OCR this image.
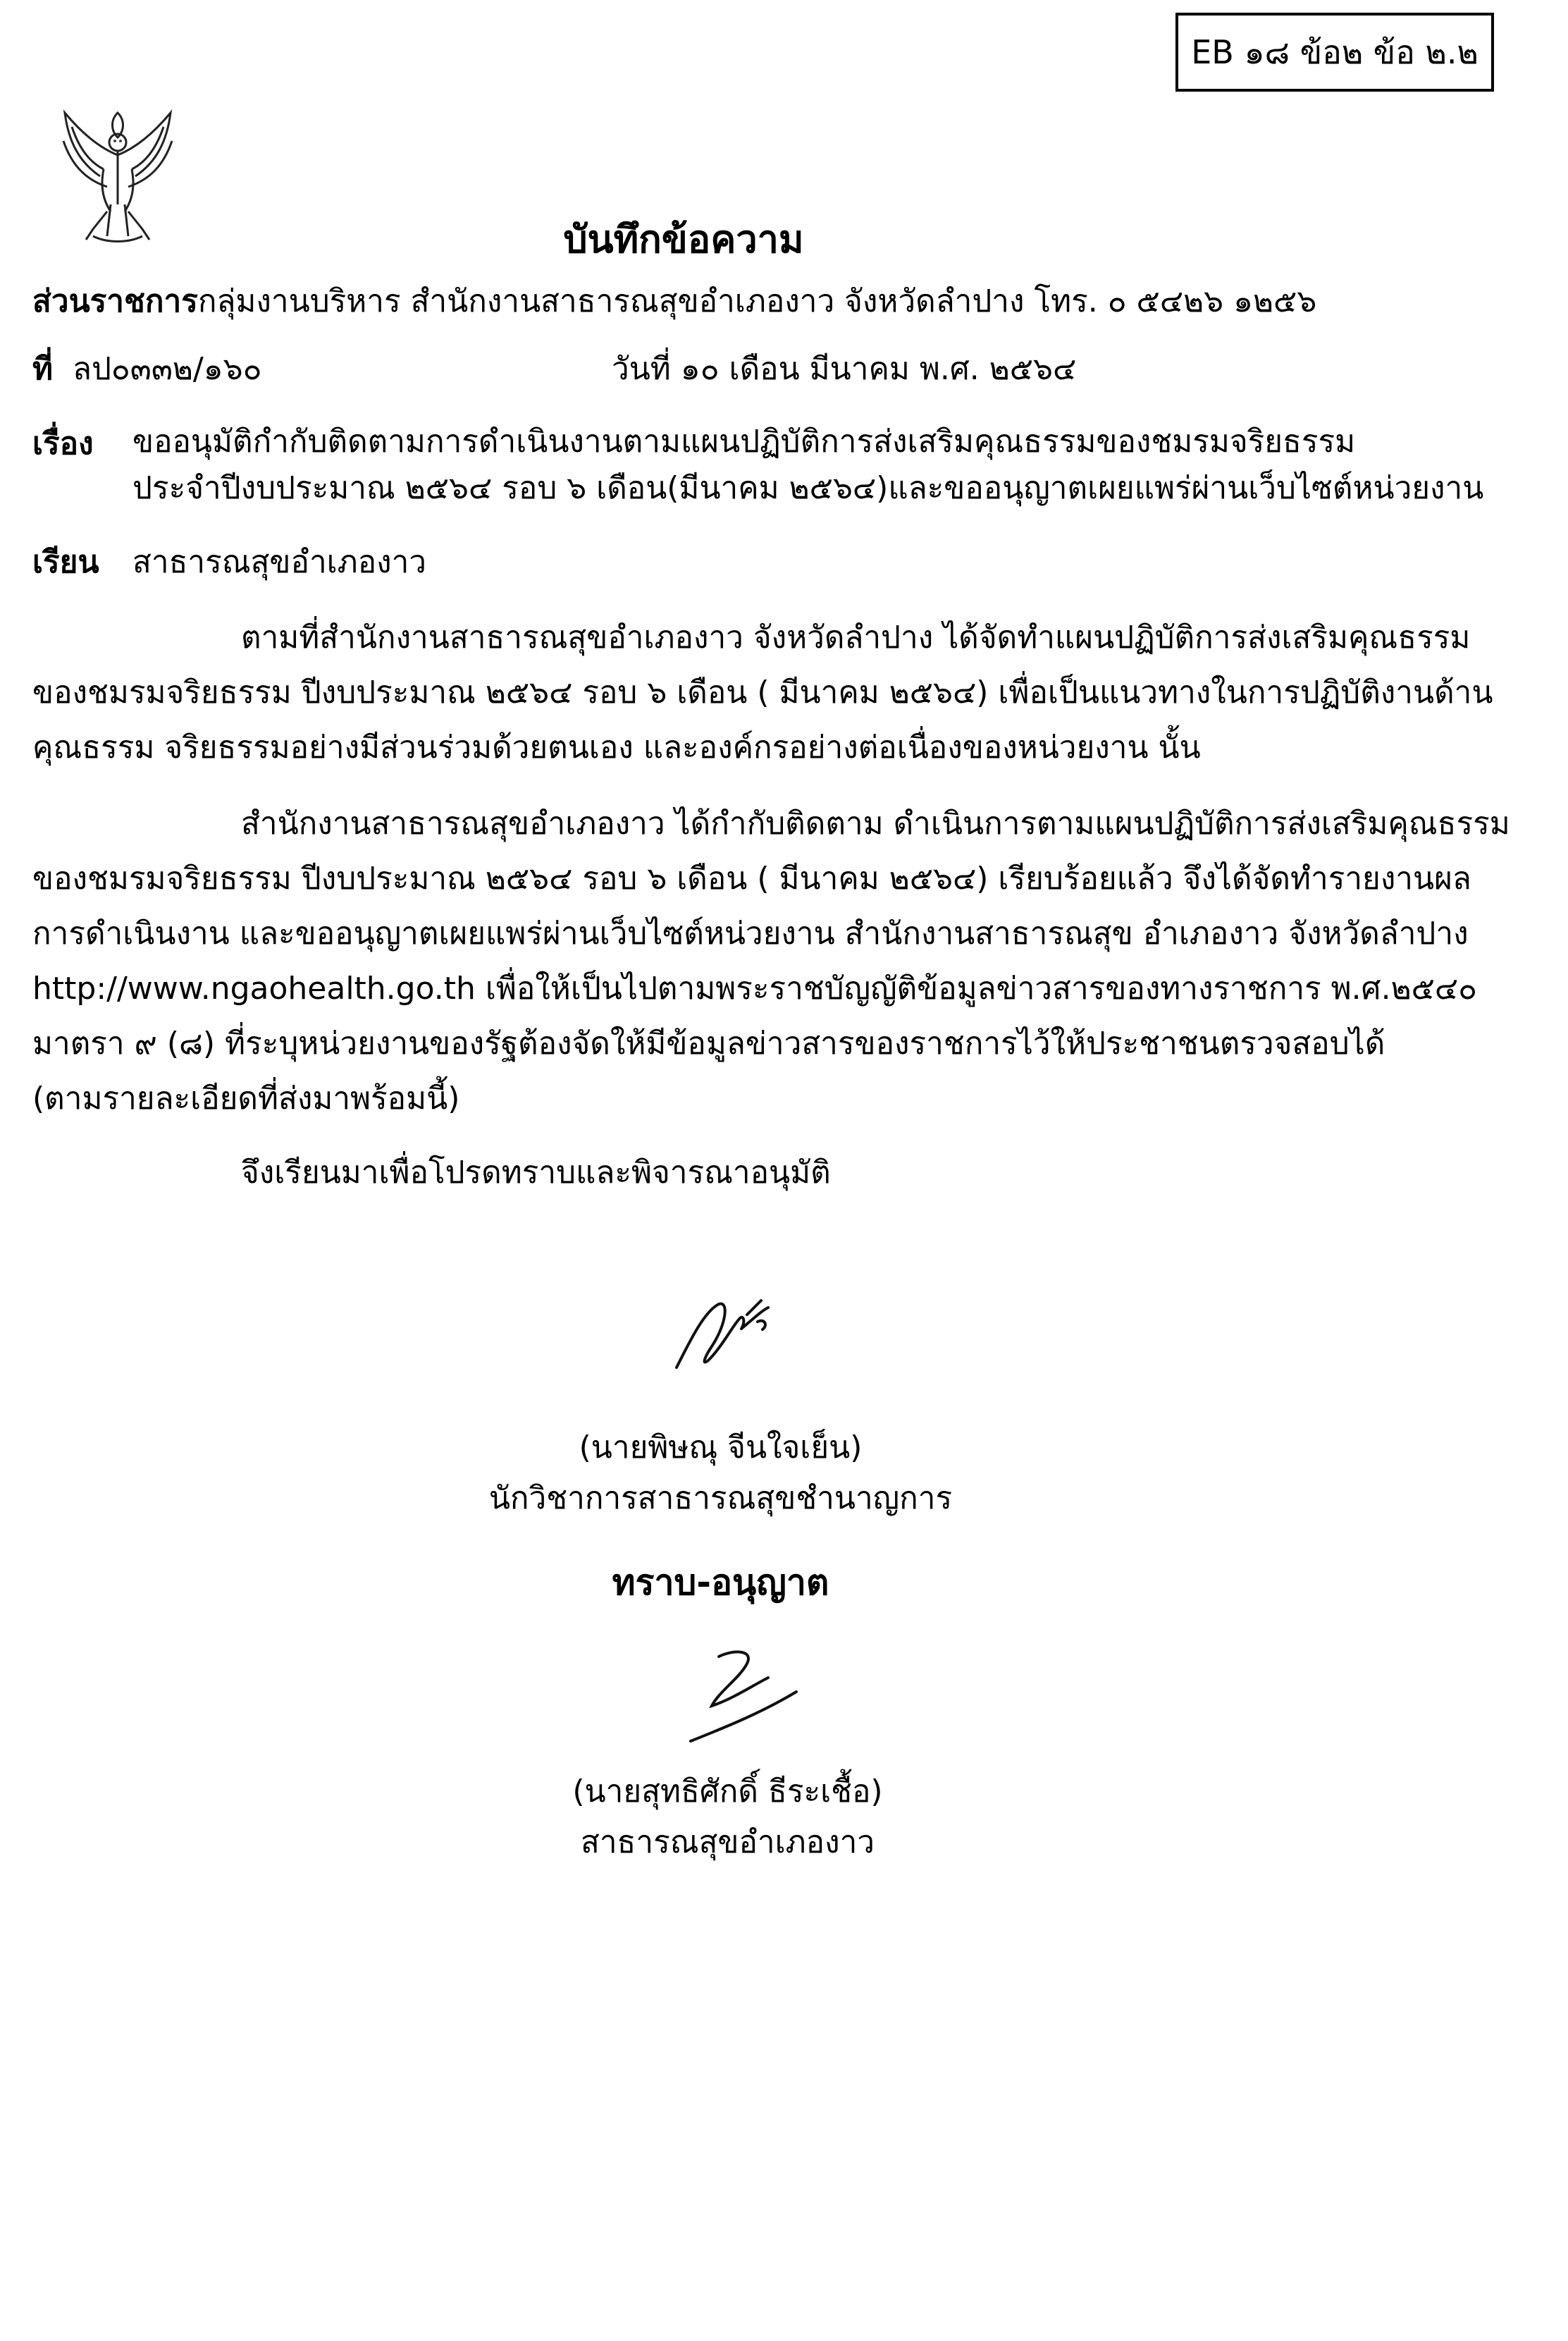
EB ๑๘ ข้อ๒ ข้อ ๒.๒
บันทึกข้อความ
ส่วนราชการกลุ่มงานบริหาร สำนักงานสาธารณสุขอำเภองาว จังหวัดลำปาง โทร. ๐ ๕๔๒๖ ๑๒๕๖
ที่ ลป๐๓๓๒/๑๖๐	วันที่ ๑๐ เดือน มีนาคม พ.ศ. ๒๕๖๔
เรื่อง ขออนุมัติกำกับติดตามการดำเนินงานตามแผนปฏิบัติการส่งเสริมคุณธรรมของชมรมจริยธรรม
ประจำปีงบประมาณ ๒๕๖๔ รอบ ๖ เดือน(มีนาคม ๒๕๖๔)และขออนุญาตเผยแพร่ผ่านเว็บไซต์หน่วยงาน
เรียน สาธารณสุขอำเภองาว
ตามที่สำนักงานสาธารณสุขอำเภองาว จังหวัดลำปาง ได้จัดทำแผนปฏิบัติการส่งเสริมคุณธรรม
ของชมรมจริยธรรม ปีงบประมาณ ๒๕๖๔ รอบ ๖ เดือน ( มีนาคม ๒๕๖๔) เพื่อเป็นแนวทางในการปฏิบัติงานด้าน
คุณธรรม จริยธรรมอย่างมีส่วนร่วมด้วยตนเอง และองค์กรอย่างต่อเนื่องของหน่วยงาน นั้น
สำนักงานสาธารณสุขอำเภองาว ได้กำกับติดตาม ดำเนินการตามแผนปฏิบัติการส่งเสริมคุณธรรม
ของชมรมจริยธรรม ปีงบประมาณ ๒๕๖๔ รอบ ๖ เดือน ( มีนาคม ๒๕๖๔) เรียบร้อยแล้ว จึงได้จัดทำรายงานผล
การดำเนินงาน และขออนุญาตเผยแพร่ผ่านเว็บไซต์หน่วยงาน สำนักงานสาธารณสุข อำเภองาว จังหวัดลำปาง
http://www.ngaohealth.go.th เพื่อให้เป็นไปตามพระราชบัญญัติข้อมูลข่าวสารของทางราชการ พ.ศ.๒๕๔๐
มาตรา ๙ (๘) ที่ระบุหน่วยงานของรัฐต้องจัดให้มีข้อมูลข่าวสารของราชการไว้ให้ประชาชนตรวจสอบได้
(ตามรายละเอียดที่ส่งมาพร้อมนี้)
จึงเรียนมาเพื่อโปรดทราบและพิจารณาอนุมัติ
(นายพิษณุ จีนใจเย็น)
นักวิชาการสาธารณสุขชำนาญการ
ทราบ-อนุญาต
(นายสุทธิศักดิ์ ธีระเชื้อ)
สาธารณสุขอำเภองาว
